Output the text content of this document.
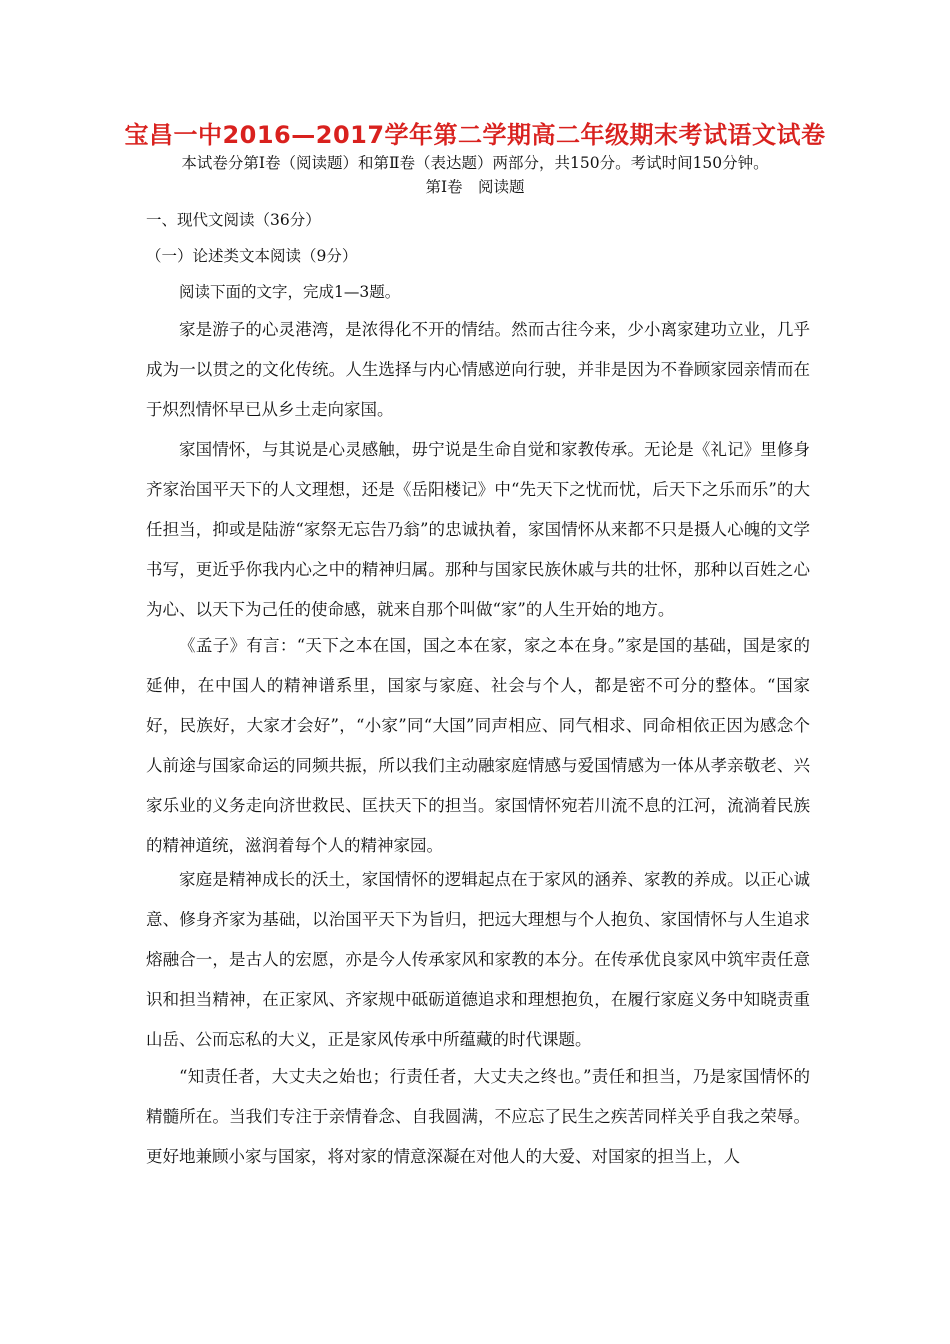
宝昌一中2016—2017学年第二学期高二年级期末考试语文试卷
本试卷分第Ⅰ卷（阅读题）和第Ⅱ卷（表达题）两部分，共150分。考试时间150分钟。
第Ⅰ卷　阅读题
一、现代文阅读（36分）
（一）论述类文本阅读（9分）
阅读下面的文字，完成1—3题。

家是游子的心灵港湾，是浓得化不开的情结。然而古往今来，少小离家建功立业，几乎成为一以贯之的文化传统。人生选择与内心情感逆向行驶，并非是因为不眷顾家园亲情而在于炽烈情怀早已从乡土走向家国。

家国情怀，与其说是心灵感触，毋宁说是生命自觉和家教传承。无论是《礼记》里修身齐家治国平天下的人文理想，还是《岳阳楼记》中“先天下之忧而忧，后天下之乐而乐”的大任担当，抑或是陆游“家祭无忘告乃翁”的忠诚执着，家国情怀从来都不只是摄人心魄的文学书写，更近乎你我内心之中的精神归属。那种与国家民族休戚与共的壮怀，那种以百姓之心为心、以天下为己任的使命感，就来自那个叫做“家”的人生开始的地方。

《孟子》有言：“天下之本在国，国之本在家，家之本在身。”家是国的基础，国是家的延伸，在中国人的精神谱系里，国家与家庭、社会与个人，都是密不可分的整体。“国家好，民族好，大家才会好”，“小家”同“大国”同声相应、同气相求、同命相依正因为感念个人前途与国家命运的同频共振，所以我们主动融家庭情感与爱国情感为一体从孝亲敬老、兴家乐业的义务走向济世救民、匡扶天下的担当。家国情怀宛若川流不息的江河，流淌着民族的精神道统，滋润着每个人的精神家园。

家庭是精神成长的沃土，家国情怀的逻辑起点在于家风的涵养、家教的养成。以正心诚意、修身齐家为基础，以治国平天下为旨归，把远大理想与个人抱负、家国情怀与人生追求熔融合一，是古人的宏愿，亦是今人传承家风和家教的本分。在传承优良家风中筑牢责任意识和担当精神，在正家风、齐家规中砥砺道德追求和理想抱负，在履行家庭义务中知晓责重山岳、公而忘私的大义，正是家风传承中所蕴藏的时代课题。

“知责任者，大丈夫之始也；行责任者，大丈夫之终也。”责任和担当，乃是家国情怀的精髓所在。当我们专注于亲情眷念、自我圆满，不应忘了民生之疾苦同样关乎自我之荣辱。更好地兼顾小家与国家，将对家的情意深凝在对他人的大爱、对国家的担当上，人
